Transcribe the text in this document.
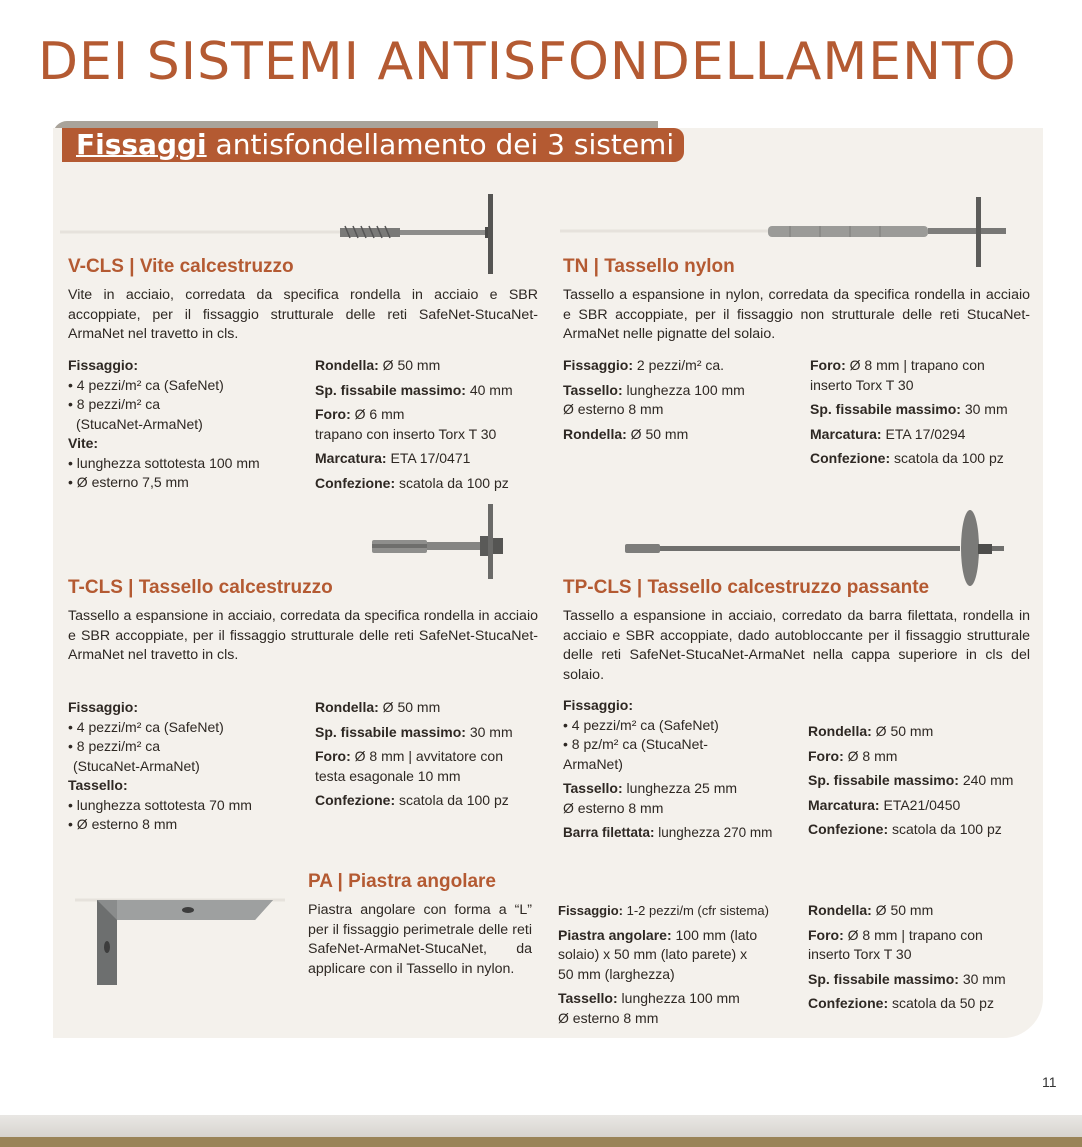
DEI SISTEMI ANTISFONDELLAMENTO
Fissaggi antisfondellamento dei 3 sistemi
V-CLS | Vite calcestruzzo

Vite in acciaio, corredata da specifica rondella in acciaio e SBR accoppiate, per il fissaggio strutturale delle reti SafeNet-StucaNet-ArmaNet nel travetto in cls.

Fissaggio:
• 4 pezzi/m² ca (SafeNet)
• 8 pezzi/m² ca
(StucaNet-ArmaNet)
Vite:
• lunghezza sottotesta 100 mm
• Ø esterno 7,5 mm
Rondella: Ø 50 mm
Sp. fissabile massimo: 40 mm
Foro: Ø 6 mm
trapano con inserto Torx T 30
Marcatura: ETA 17/0471
Confezione: scatola da 100 pz
TN | Tassello nylon

Tassello a espansione in nylon, corredata da specifica rondella in acciaio e SBR accoppiate, per il fissaggio non strutturale delle reti StucaNet-ArmaNet nelle pignatte del solaio.

Fissaggio: 2 pezzi/m² ca.
Tassello: lunghezza 100 mm
Ø esterno 8 mm
Rondella: Ø 50 mm
Foro: Ø 8 mm | trapano con
inserto Torx T 30
Sp. fissabile massimo: 30 mm
Marcatura: ETA 17/0294
Confezione: scatola da 100 pz
T-CLS | Tassello calcestruzzo

Tassello a espansione in acciaio, corredata da specifica rondella in acciaio e SBR accoppiate, per il fissaggio strutturale delle reti SafeNet-StucaNet-ArmaNet nel travetto in cls.

Fissaggio:
• 4 pezzi/m² ca (SafeNet)
• 8 pezzi/m² ca
(StucaNet-ArmaNet)
Tassello:
• lunghezza sottotesta 70 mm
• Ø esterno 8 mm
Rondella: Ø 50 mm
Sp. fissabile massimo: 30 mm
Foro: Ø 8 mm | avvitatore con
testa esagonale 10 mm
Confezione: scatola da 100 pz
TP-CLS | Tassello calcestruzzo passante

Tassello a espansione in acciaio, corredato da barra filettata, rondella in acciaio e SBR accoppiate, dado autobloccante per il fissaggio strutturale delle reti SafeNet-StucaNet-ArmaNet nella cappa superiore in cls del solaio.

Fissaggio:
• 4 pezzi/m² ca (SafeNet)
• 8 pz/m² ca (StucaNet-
ArmaNet)
Tassello: lunghezza 25 mm
Ø esterno 8 mm
Barra filettata: lunghezza 270 mm
Rondella: Ø 50 mm
Foro: Ø 8 mm
Sp. fissabile massimo: 240 mm
Marcatura: ETA21/0450
Confezione: scatola da 100 pz
PA | Piastra angolare

Piastra angolare con forma a “L” per il fissaggio perimetrale delle reti SafeNet-ArmaNet-StucaNet, da applicare con il Tassello in nylon.

Fissaggio: 1-2 pezzi/m (cfr sistema)
Piastra angolare: 100 mm (lato
solaio) x 50 mm (lato parete) x
50 mm (larghezza)
Tassello: lunghezza 100 mm
Ø esterno 8 mm
Rondella: Ø 50 mm
Foro: Ø 8 mm | trapano con
inserto Torx T 30
Sp. fissabile massimo: 30 mm
Confezione: scatola da 50 pz
11
